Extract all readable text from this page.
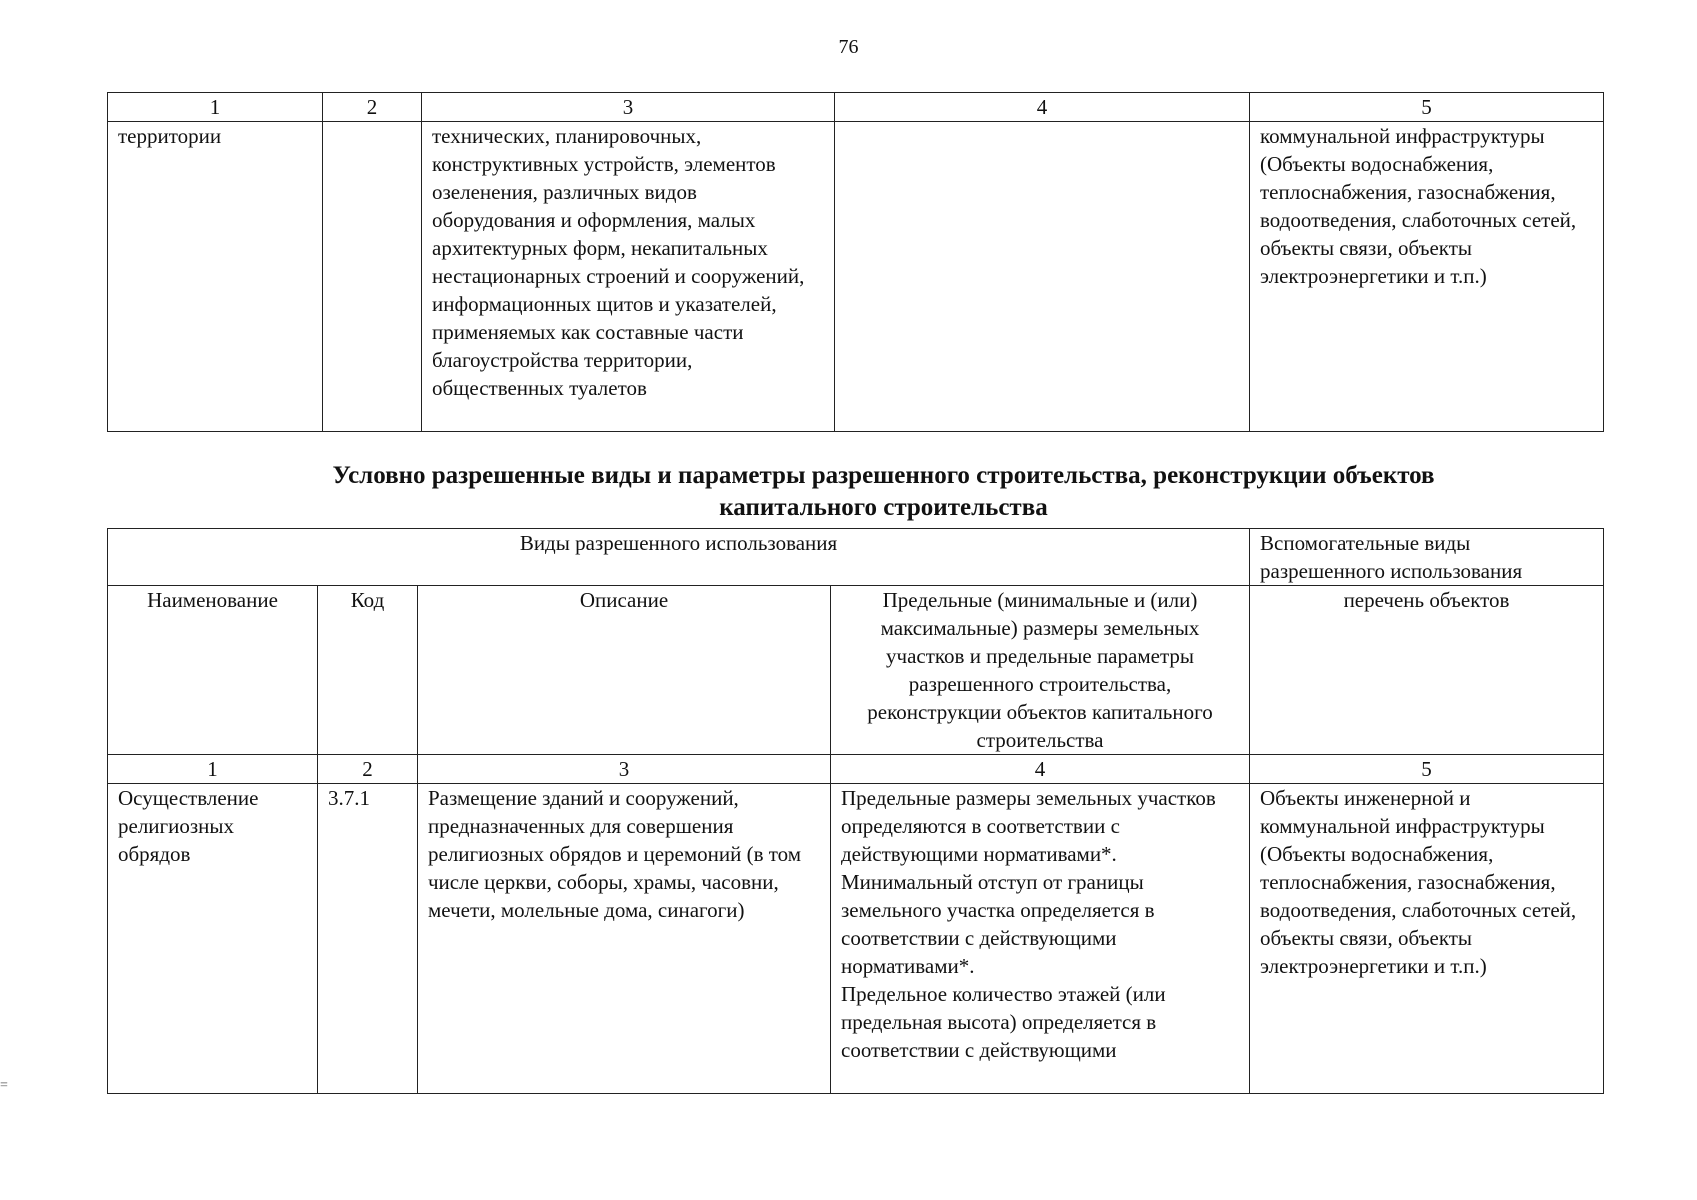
76
1	2	3	4	5
территории		технических, планировочных, конструктивных устройств, элементов озеленения, различных видов оборудования и оформления, малых архитектурных форм, некапитальных нестационарных строений и сооружений, информационных щитов и указателей, применяемых как составные части благоустройства территории, общественных туалетов		коммунальной инфраструктуры (Объекты водоснабжения, теплоснабжения, газоснабжения, водоотведения, слаботочных сетей, объекты связи, объекты электроэнергетики и т.п.)
Условно разрешенные виды и параметры разрешенного строительства, реконструкции объектов
капитального строительства
Виды разрешенного использования				Вспомогательные виды разрешенного использования
Наименование	Код	Описание	Предельные (минимальные и (или) максимальные) размеры земельных участков и предельные параметры разрешенного строительства, реконструкции объектов капитального строительства	перечень объектов
1	2	3	4	5
Осуществление религиозных обрядов	3.7.1	Размещение зданий и сооружений, предназначенных для совершения религиозных обрядов и церемоний (в том числе церкви, соборы, храмы, часовни, мечети, молельные дома, синагоги)	Предельные размеры земельных участков определяются в соответствии с действующими нормативами*.
Минимальный отступ от границы земельного участка определяется в соответствии с действующими нормативами*.
Предельное количество этажей (или предельная высота) определяется в соответствии с действующими	Объекты инженерной и коммунальной инфраструктуры (Объекты водоснабжения, теплоснабжения, газоснабжения, водоотведения, слаботочных сетей, объекты связи, объекты электроэнергетики и т.п.)
=
